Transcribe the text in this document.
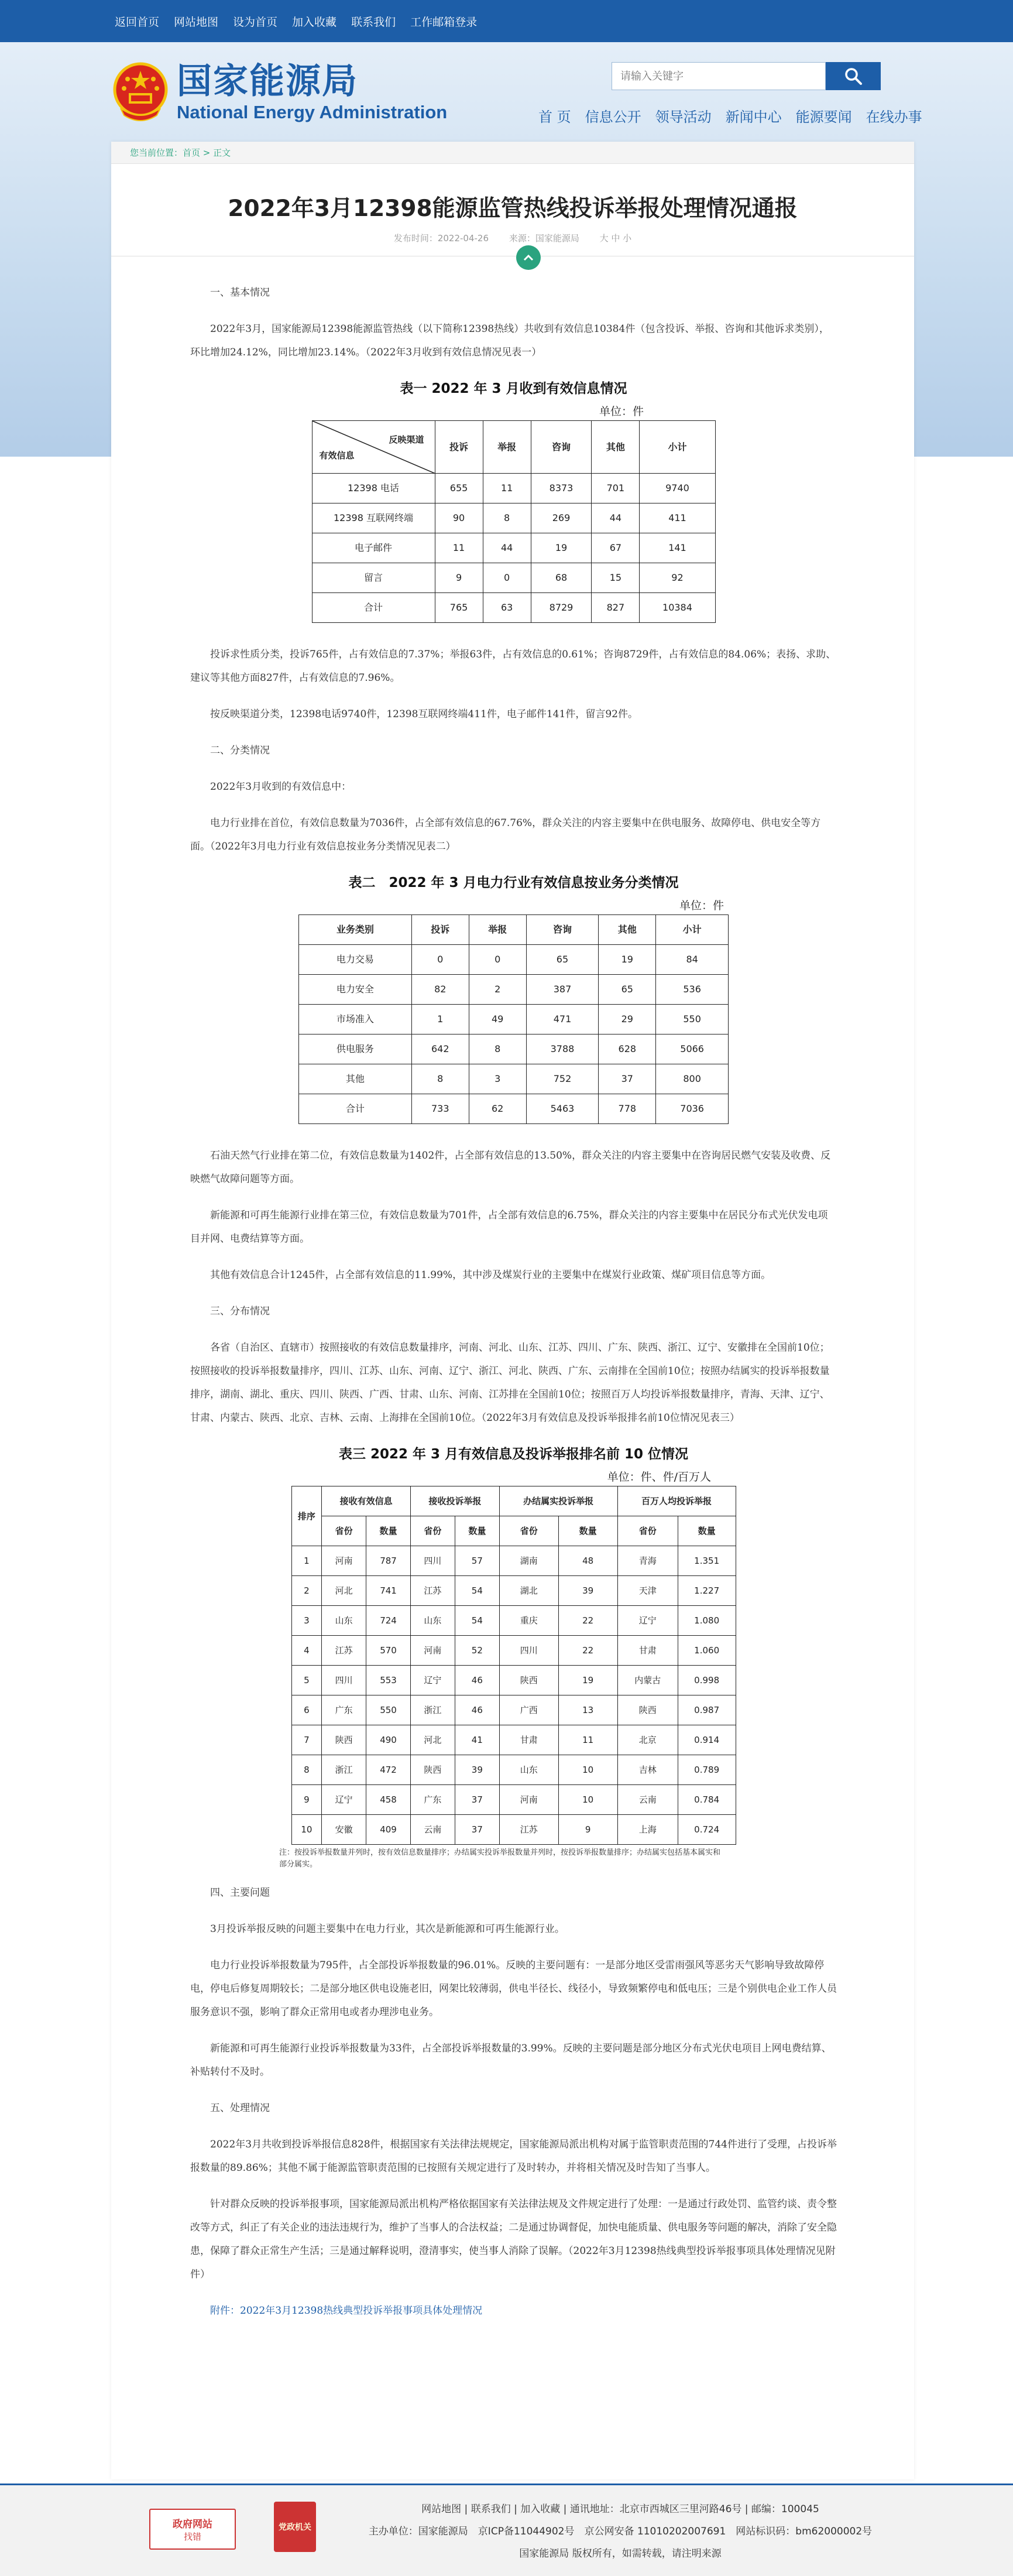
返回首页 网站地图 设为首页 加入收藏 联系我们 工作邮箱登录
国家能源局
National Energy Administration
请输入关键字	首 页 信息公开 领导活动 新闻中心 能源要闻 在线办事
您当前位置：首页 > 正文
2022年3月12398能源监管热线投诉举报处理情况通报
发布时间：2022-04-26 来源：国家能源局 大 中 小

一、基本情况

2022年3月，国家能源局12398能源监管热线（以下简称12398热线）共收到有效信息10384件（包含投诉、举报、咨询和其他诉求类别），环比增加24.12%，同比增加23.14%。（2022年3月收到有效信息情况见表一）

表一 2022 年 3 月收到有效信息情况
单位：件
反映渠道
有效信息	投诉	举报	咨询	其他	小计
12398 电话	655	11	8373	701	9740
12398 互联网终端	90	8	269	44	411
电子邮件	11	44	19	67	141
留言	9	0	68	15	92
合计	765	63	8729	827	10384

投诉求性质分类，投诉765件，占有效信息的7.37%；举报63件，占有效信息的0.61%；咨询8729件，占有效信息的84.06%；表扬、求助、建议等其他方面827件，占有效信息的7.96%。

按反映渠道分类，12398电话9740件，12398互联网终端411件，电子邮件141件，留言92件。

二、分类情况

2022年3月收到的有效信息中：

电力行业排在首位，有效信息数量为7036件，占全部有效信息的67.76%，群众关注的内容主要集中在供电服务、故障停电、供电安全等方面。（2022年3月电力行业有效信息按业务分类情况见表二）

表二　2022 年 3 月电力行业有效信息按业务分类情况
单位：件
业务类别	投诉	举报	咨询	其他	小计
电力交易	0	0	65	19	84
电力安全	82	2	387	65	536
市场准入	1	49	471	29	550
供电服务	642	8	3788	628	5066
其他	8	3	752	37	800
合计	733	62	5463	778	7036

石油天然气行业排在第二位，有效信息数量为1402件，占全部有效信息的13.50%，群众关注的内容主要集中在咨询居民燃气安装及收费、反映燃气故障问题等方面。

新能源和可再生能源行业排在第三位，有效信息数量为701件，占全部有效信息的6.75%，群众关注的内容主要集中在居民分布式光伏发电项目并网、电费结算等方面。

其他有效信息合计1245件，占全部有效信息的11.99%，其中涉及煤炭行业的主要集中在煤炭行业政策、煤矿项目信息等方面。

三、分布情况

各省（自治区、直辖市）按照接收的有效信息数量排序，河南、河北、山东、江苏、四川、广东、陕西、浙江、辽宁、安徽排在全国前10位；按照接收的投诉举报数量排序，四川、江苏、山东、河南、辽宁、浙江、河北、陕西、广东、云南排在全国前10位；按照办结属实的投诉举报数量排序，湖南、湖北、重庆、四川、陕西、广西、甘肃、山东、河南、江苏排在全国前10位；按照百万人均投诉举报数量排序，青海、天津、辽宁、甘肃、内蒙古、陕西、北京、吉林、云南、上海排在全国前10位。（2022年3月有效信息及投诉举报排名前10位情况见表三）

表三 2022 年 3 月有效信息及投诉举报排名前 10 位情况
单位：件、件/百万人
排序	接收有效信息		接收投诉举报		办结属实投诉举报		百万人均投诉举报	
	省份	数量	省份	数量	省份	数量	省份	数量
1	河南	787	四川	57	湖南	48	青海	1.351
2	河北	741	江苏	54	湖北	39	天津	1.227
3	山东	724	山东	54	重庆	22	辽宁	1.080
4	江苏	570	河南	52	四川	22	甘肃	1.060
5	四川	553	辽宁	46	陕西	19	内蒙古	0.998
6	广东	550	浙江	46	广西	13	陕西	0.987
7	陕西	490	河北	41	甘肃	11	北京	0.914
8	浙江	472	陕西	39	山东	10	吉林	0.789
9	辽宁	458	广东	37	河南	10	云南	0.784
10	安徽	409	云南	37	江苏	9	上海	0.724
注：按投诉举报数量并列时，按有效信息数量排序；办结属实投诉举报数量并列时，按投诉举报数量排序；办结属实包括基本属实和部分属实。

四、主要问题

3月投诉举报反映的问题主要集中在电力行业，其次是新能源和可再生能源行业。

电力行业投诉举报数量为795件，占全部投诉举报数量的96.01%。反映的主要问题有：一是部分地区受雷雨强风等恶劣天气影响导致故障停电，停电后修复周期较长；二是部分地区供电设施老旧，网架比较薄弱，供电半径长、线径小，导致频繁停电和低电压；三是个别供电企业工作人员服务意识不强，影响了群众正常用电或者办理涉电业务。

新能源和可再生能源行业投诉举报数量为33件，占全部投诉举报数量的3.99%。反映的主要问题是部分地区分布式光伏电项目上网电费结算、补贴转付不及时。

五、处理情况

2022年3月共收到投诉举报信息828件，根据国家有关法律法规规定，国家能源局派出机构对属于监管职责范围的744件进行了受理，占投诉举报数量的89.86%；其他不属于能源监管职责范围的已按照有关规定进行了及时转办，并将相关情况及时告知了当事人。

针对群众反映的投诉举报事项，国家能源局派出机构严格依据国家有关法律法规及文件规定进行了处理：一是通过行政处罚、监管约谈、责令整改等方式，纠正了有关企业的违法违规行为，维护了当事人的合法权益；二是通过协调督促，加快电能质量、供电服务等问题的解决，消除了安全隐患，保障了群众正常生产生活；三是通过解释说明，澄清事实，使当事人消除了误解。（2022年3月12398热线典型投诉举报事项具体处理情况见附件）

附件：2022年3月12398热线典型投诉举报事项具体处理情况

政府网站
找错
党政机关
网站地图 | 联系我们 | 加入收藏 | 通讯地址：北京市西城区三里河路46号 | 邮编：100045
主办单位：国家能源局　京ICP备11044902号　京公网安备 11010202007691　网站标识码：bm62000002号
国家能源局 版权所有，如需转载，请注明来源
